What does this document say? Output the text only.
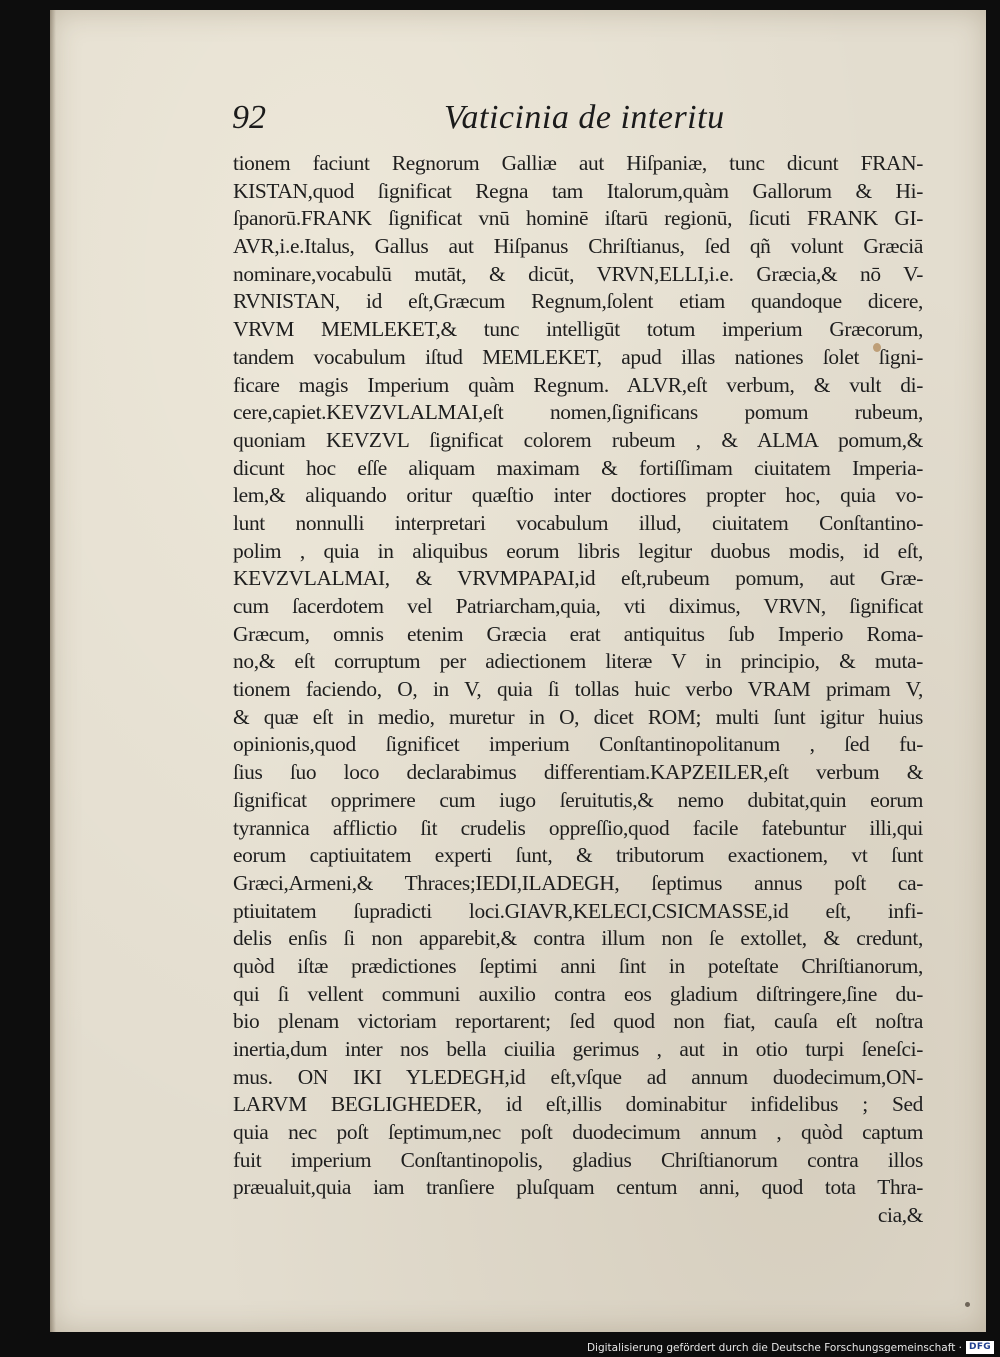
92	Vaticinia de interitu
tionem faciunt Regnorum Galliæ aut Hiſpaniæ, tunc dicunt FRAN-
KISTAN,quod ſignificat Regna tam Italorum,quàm Gallorum & Hi-
ſpanorū.FRANK ſignificat vnū hominē iſtarū regionū, ſicuti FRANK GI-
AVR,i.e.Italus, Gallus aut Hiſpanus Chriſtianus, ſed qñ volunt Græciā
nominare,vocabulū mutāt, & dicūt, VRVN,ELLI,i.e. Græcia,& nō V-
RVNISTAN, id eſt,Græcum Regnum,ſolent etiam quandoque dicere,
VRVM MEMLEKET,& tunc intelligūt totum imperium Græcorum,
tandem vocabulum iſtud MEMLEKET, apud illas nationes ſolet ſigni-
ficare magis Imperium quàm Regnum. ALVR,eſt verbum, & vult di-
cere,capiet.KEVZVLALMAI,eſt nomen,ſignificans pomum rubeum,
quoniam KEVZVL ſignificat colorem rubeum , & ALMA pomum,&
dicunt hoc eſſe aliquam maximam & fortiſſimam ciuitatem Imperia-
lem,& aliquando oritur quæſtio inter doctiores propter hoc, quia vo-
lunt nonnulli interpretari vocabulum illud, ciuitatem Conſtantino-
polim , quia in aliquibus eorum libris legitur duobus modis, id eſt,
KEVZVLALMAI, & VRVMPAPAI,id eſt,rubeum pomum, aut Græ-
cum ſacerdotem vel Patriarcham,quia, vti diximus, VRVN, ſignificat
Græcum, omnis etenim Græcia erat antiquitus ſub Imperio Roma-
no,& eſt corruptum per adiectionem literæ V in principio, & muta-
tionem faciendo, O, in V, quia ſi tollas huic verbo VRAM primam V,
& quæ eſt in medio, muretur in O, dicet ROM; multi ſunt igitur huius
opinionis,quod ſignificet imperium Conſtantinopolitanum , ſed fu-
ſius ſuo loco declarabimus differentiam.KAPZEILER,eſt verbum &
ſignificat opprimere cum iugo ſeruitutis,& nemo dubitat,quin eorum
tyrannica afflictio ſit crudelis oppreſſio,quod facile fatebuntur illi,qui
eorum captiuitatem experti ſunt, & tributorum exactionem, vt ſunt
Græci,Armeni,& Thraces;IEDI,ILADEGH, ſeptimus annus poſt ca-
ptiuitatem ſupradicti loci.GIAVR,KELECI,CSICMASSE,id eſt, infi-
delis enſis ſi non apparebit,& contra illum non ſe extollet, & credunt,
quòd iſtæ prædictiones ſeptimi anni ſint in poteſtate Chriſtianorum,
qui ſi vellent communi auxilio contra eos gladium diſtringere,ſine du-
bio plenam victoriam reportarent; ſed quod non fiat, cauſa eſt noſtra
inertia,dum inter nos bella ciuilia gerimus , aut in otio turpi ſeneſci-
mus. ON IKI YLEDEGH,id eſt,vſque ad annum duodecimum,ON-
LARVM BEGLIGHEDER, id eſt,illis dominabitur infidelibus ; Sed
quia nec poſt ſeptimum,nec poſt duodecimum annum , quòd captum
fuit imperium Conſtantinopolis, gladius Chriſtianorum contra illos
præualuit,quia iam tranſiere pluſquam centum anni, quod tota Thra-
cia,&
Digitalisierung gefördert durch die Deutsche Forschungsgemeinschaft · DFG
